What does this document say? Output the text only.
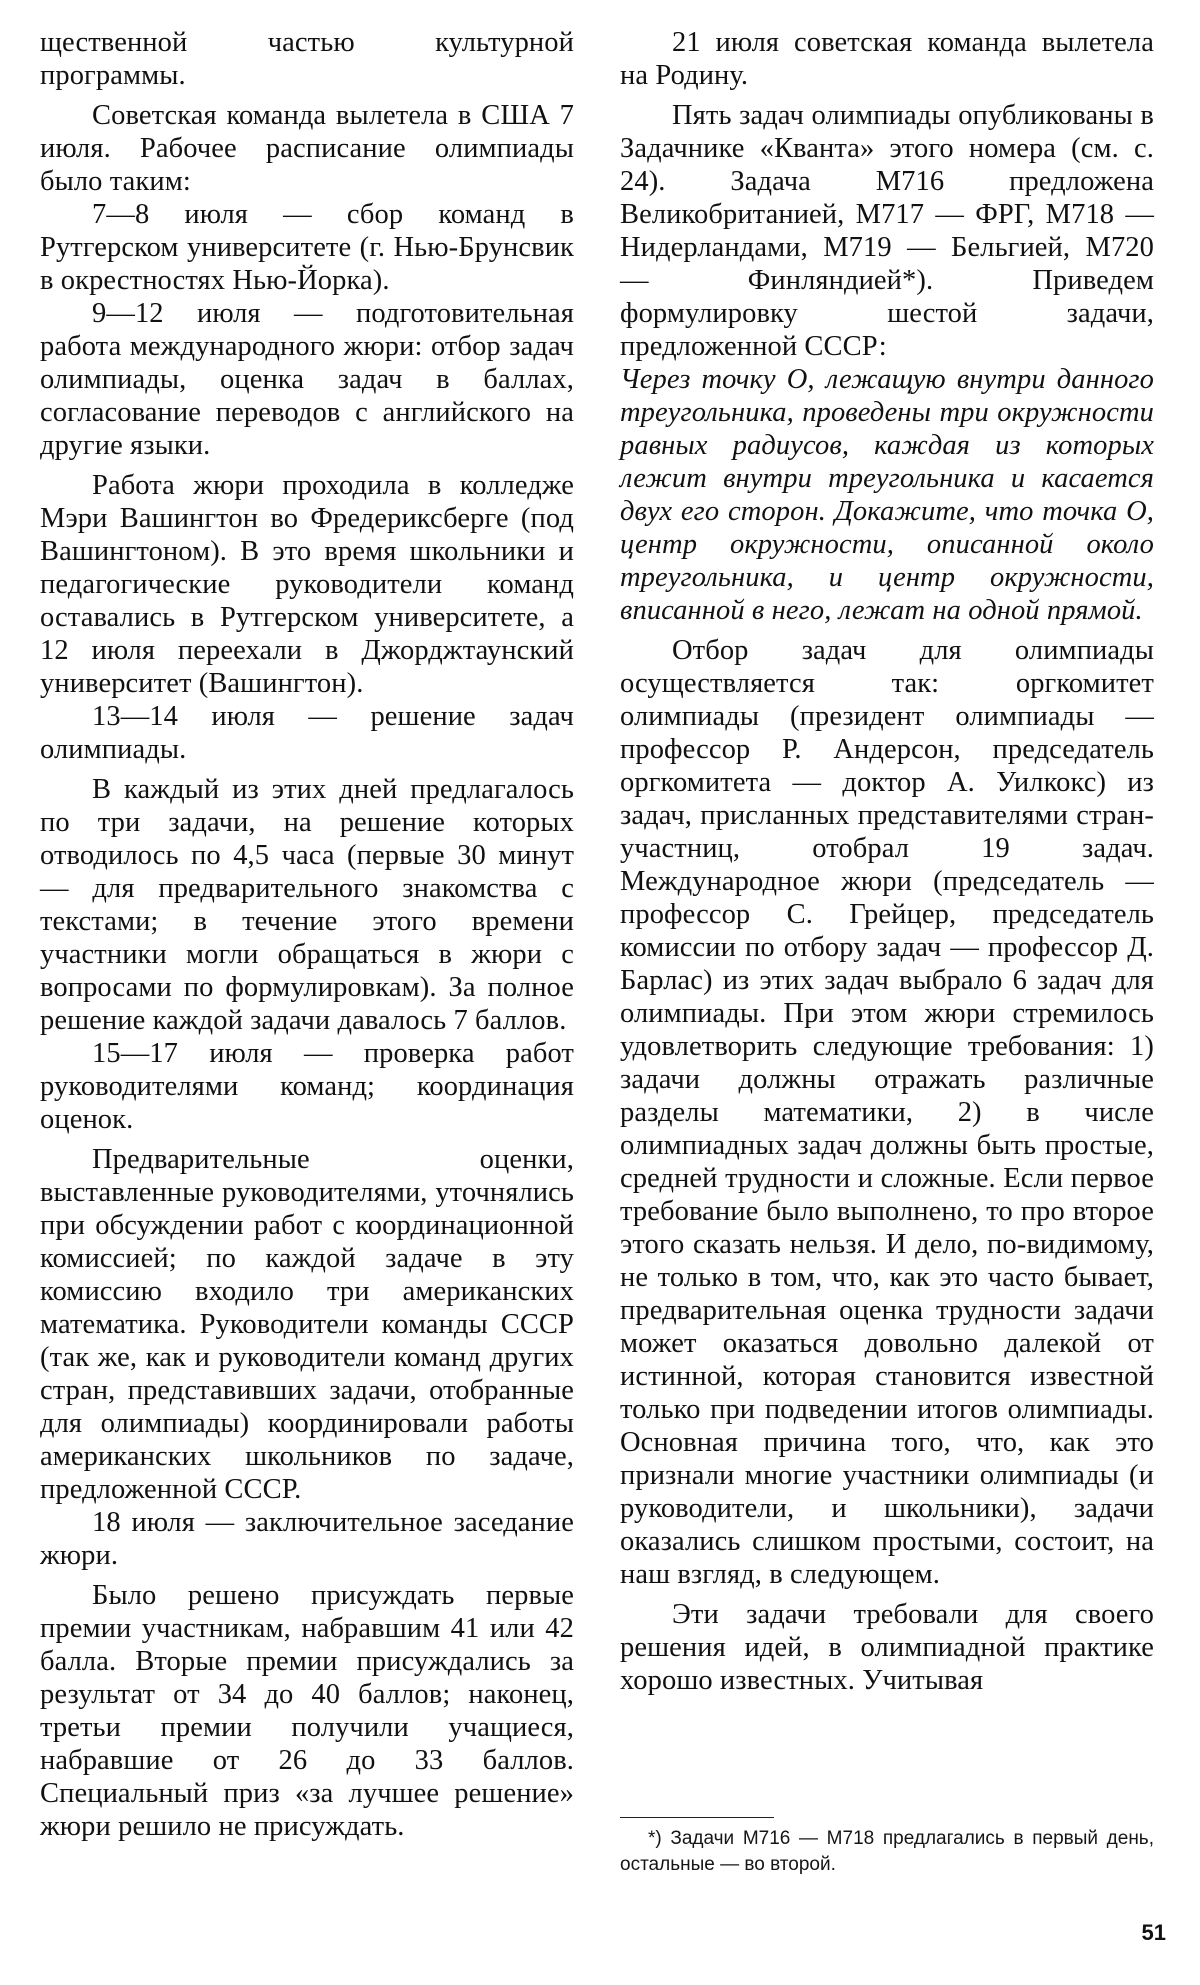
щественной частью культурной программы.

Советская команда вылетела в США 7 июля. Рабочее расписание олимпиады было таким:

7—8 июля — сбор команд в Рутгерском университете (г. Нью-Брунсвик в окрестностях Нью-Йорка).

9—12 июля — подготовительная работа международного жюри: отбор задач олимпиады, оценка задач в баллах, согласование переводов с английского на другие языки.

Работа жюри проходила в колледже Мэри Вашингтон во Фредериксберге (под Вашингтоном). В это время школьники и педагогические руководители команд оставались в Рутгерском университете, а 12 июля переехали в Джорджтаунский университет (Вашингтон).

13—14 июля — решение задач олимпиады.

В каждый из этих дней предлагалось по три задачи, на решение которых отводилось по 4,5 часа (первые 30 минут — для предварительного знакомства с текстами; в течение этого времени участники могли обращаться в жюри с вопросами по формулировкам). За полное решение каждой задачи давалось 7 баллов.

15—17 июля — проверка работ руководителями команд; координация оценок.

Предварительные оценки, выставленные руководителями, уточнялись при обсуждении работ с координационной комиссией; по каждой задаче в эту комиссию входило три американских математика. Руководители команды СССР (так же, как и руководители команд других стран, представивших задачи, отобранные для олимпиады) координировали работы американских школьников по задаче, предложенной СССР.

18 июля — заключительное заседание жюри.

Было решено присуждать первые премии участникам, набравшим 41 или 42 балла. Вторые премии присуждались за результат от 34 до 40 баллов; наконец, третьи премии получили учащиеся, набравшие от 26 до 33 баллов. Специальный приз «за лучшее решение» жюри решило не присуждать.

21 июля советская команда вылетела на Родину.

Пять задач олимпиады опубликованы в Задачнике «Кванта» этого номера (см. с. 24). Задача М716 предложена Великобританией, М717 — ФРГ, М718 — Нидерландами, М719 — Бельгией, М720 — Финляндией*). Приведем формулировку шестой задачи, предложенной СССР:

Через точку О, лежащую внутри данного треугольника, проведены три окружности равных радиусов, каждая из которых лежит внутри треугольника и касается двух его сторон. Докажите, что точка О, центр окружности, описанной около треугольника, и центр окружности, вписанной в него, лежат на одной прямой.

Отбор задач для олимпиады осуществляется так: оргкомитет олимпиады (президент олимпиады — профессор Р. Андерсон, председатель оргкомитета — доктор А. Уилкокс) из задач, присланных представителями стран-участниц, отобрал 19 задач. Международное жюри (председатель — профессор С. Грейцер, председатель комиссии по отбору задач — профессор Д. Барлас) из этих задач выбрало 6 задач для олимпиады. При этом жюри стремилось удовлетворить следующие требования: 1) задачи должны отражать различные разделы математики, 2) в числе олимпиадных задач должны быть простые, средней трудности и сложные. Если первое требование было выполнено, то про второе этого сказать нельзя. И дело, по-видимому, не только в том, что, как это часто бывает, предварительная оценка трудности задачи может оказаться довольно далекой от истинной, которая становится известной только при подведении итогов олимпиады. Основная причина того, что, как это признали многие участники олимпиады (и руководители, и школьники), задачи оказались слишком простыми, состоит, на наш взгляд, в следующем.

Эти задачи требовали для своего решения идей, в олимпиадной практике хорошо известных. Учитывая

*) Задачи М716 — М718 предлагались в первый день, остальные — во второй.
51
